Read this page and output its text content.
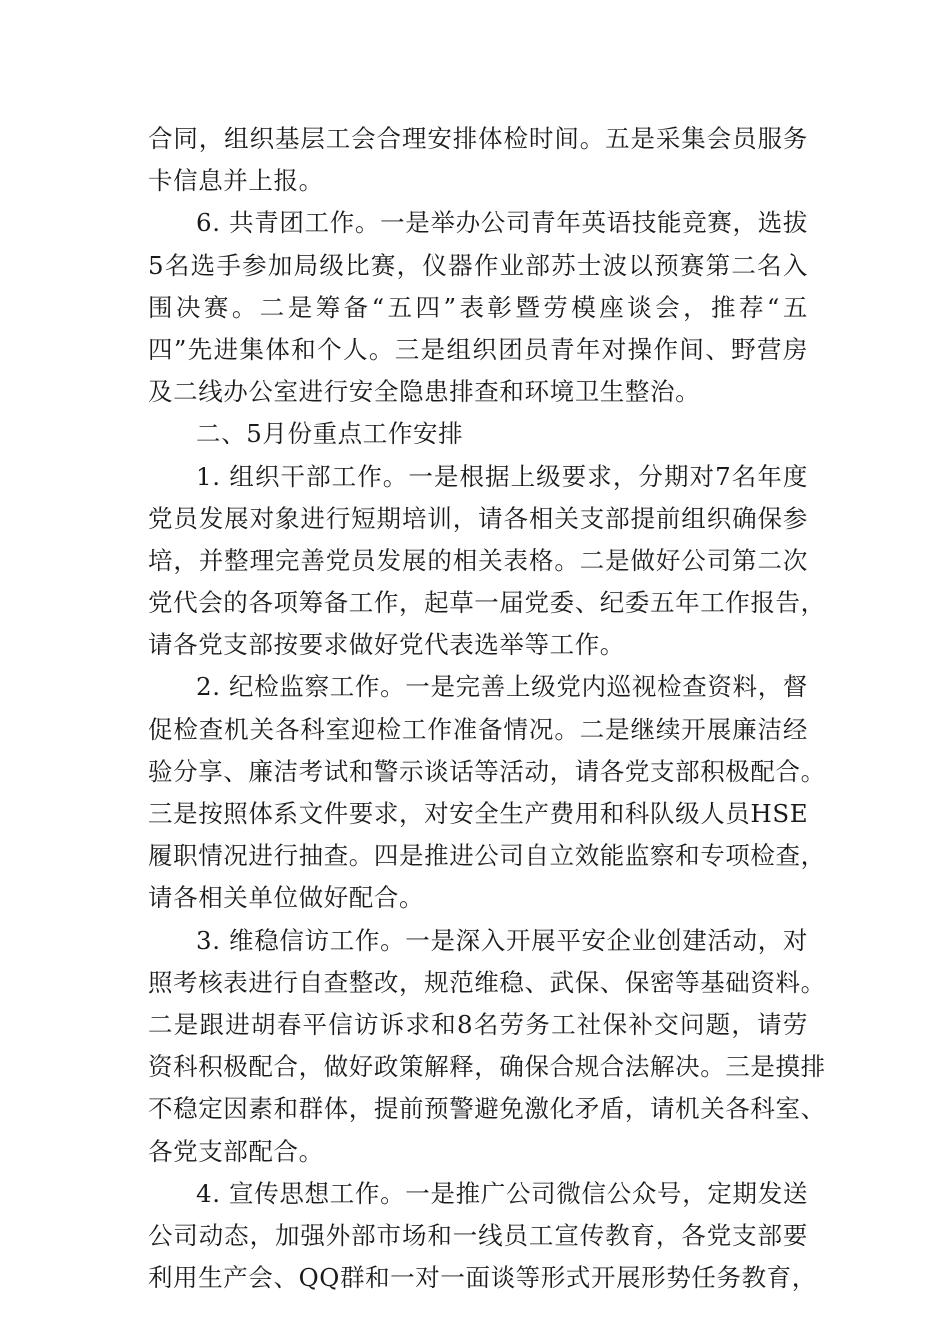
合同，组织基层工会合理安排体检时间。五是采集会员服务
卡信息并上报。
6. 共青团工作。一是举办公司青年英语技能竞赛，选拔
5名选手参加局级比赛，仪器作业部苏士波以预赛第二名入
围决赛。二是筹备“五四”表彰暨劳模座谈会，推荐“五
四”先进集体和个人。三是组织团员青年对操作间、野营房
及二线办公室进行安全隐患排查和环境卫生整治。
二、5月份重点工作安排
1. 组织干部工作。一是根据上级要求，分期对7名年度
党员发展对象进行短期培训，请各相关支部提前组织确保参
培，并整理完善党员发展的相关表格。二是做好公司第二次
党代会的各项筹备工作，起草一届党委、纪委五年工作报告，
请各党支部按要求做好党代表选举等工作。
2. 纪检监察工作。一是完善上级党内巡视检查资料，督
促检查机关各科室迎检工作准备情况。二是继续开展廉洁经
验分享、廉洁考试和警示谈话等活动，请各党支部积极配合。
三是按照体系文件要求，对安全生产费用和科队级人员HSE
履职情况进行抽查。四是推进公司自立效能监察和专项检查，
请各相关单位做好配合。
3. 维稳信访工作。一是深入开展平安企业创建活动，对
照考核表进行自查整改，规范维稳、武保、保密等基础资料。
二是跟进胡春平信访诉求和8名劳务工社保补交问题，请劳
资科积极配合，做好政策解释，确保合规合法解决。三是摸排
不稳定因素和群体，提前预警避免激化矛盾，请机关各科室、
各党支部配合。
4. 宣传思想工作。一是推广公司微信公众号，定期发送
公司动态，加强外部市场和一线员工宣传教育，各党支部要
利用生产会、QQ群和一对一面谈等形式开展形势任务教育，
